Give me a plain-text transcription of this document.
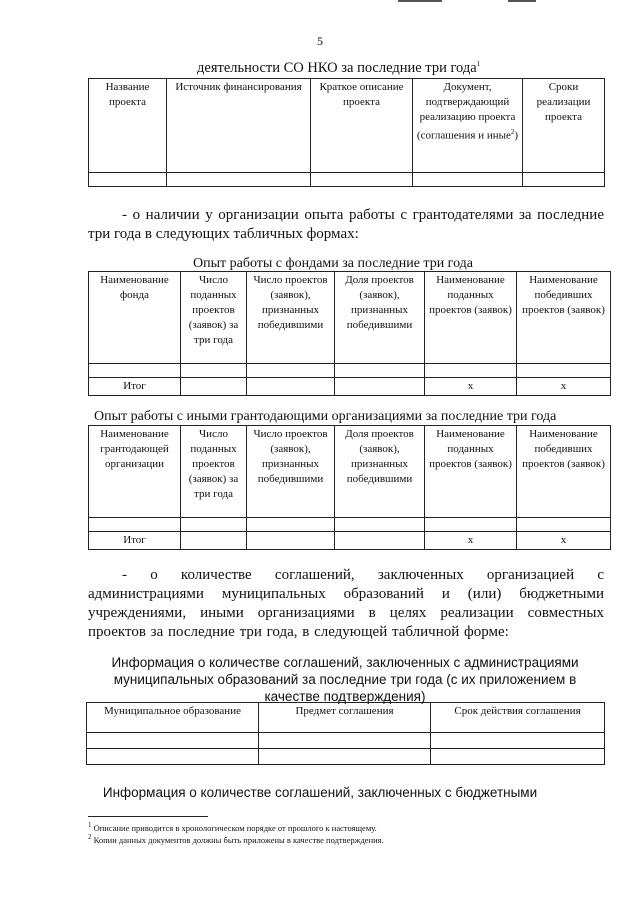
5
деятельности СО НКО за последние три года$^1$
Название проекта	Источник финансирования	Краткое описание проекта	Документ, подтверждающий реализацию проекта (соглашения и иные$^2$)	Сроки реализации проекта

- о наличии у организации опыта работы с грантодателями за последние три года в следующих табличных формах:
Опыт работы с фондами за последние три года
Наименование фонда	Число поданных проектов (заявок) за три года	Число проектов (заявок), признанных победившими	Доля проектов (заявок), признанных победившими	Наименование поданных проектов (заявок)	Наименование победивших проектов (заявок)

Итог				x	x
Опыт работы с иными грантодающими организациями за последние три года
Наименование грантодающей организации	Число поданных проектов (заявок) за три года	Число проектов (заявок), признанных победившими	Доля проектов (заявок), признанных победившими	Наименование поданных проектов (заявок)	Наименование победивших проектов (заявок)

Итог				x	x
- о количестве соглашений, заключенных организацией с администрациями муниципальных образований и (или) бюджетными учреждениями, иными организациями в целях реализации совместных проектов за последние три года, в следующей табличной форме:
Информация о количестве соглашений, заключенных с администрациями муниципальных образований за последние три года (с их приложением в качестве подтверждения)
Муниципальное образование	Предмет соглашения	Срок действия соглашения

Информация о количестве соглашений, заключенных с бюджетными
$^1$ Описание приводится в хронологическом порядке от прошлого к настоящему.
$^2$ Копии данных документов должны быть приложены в качестве подтверждения.
